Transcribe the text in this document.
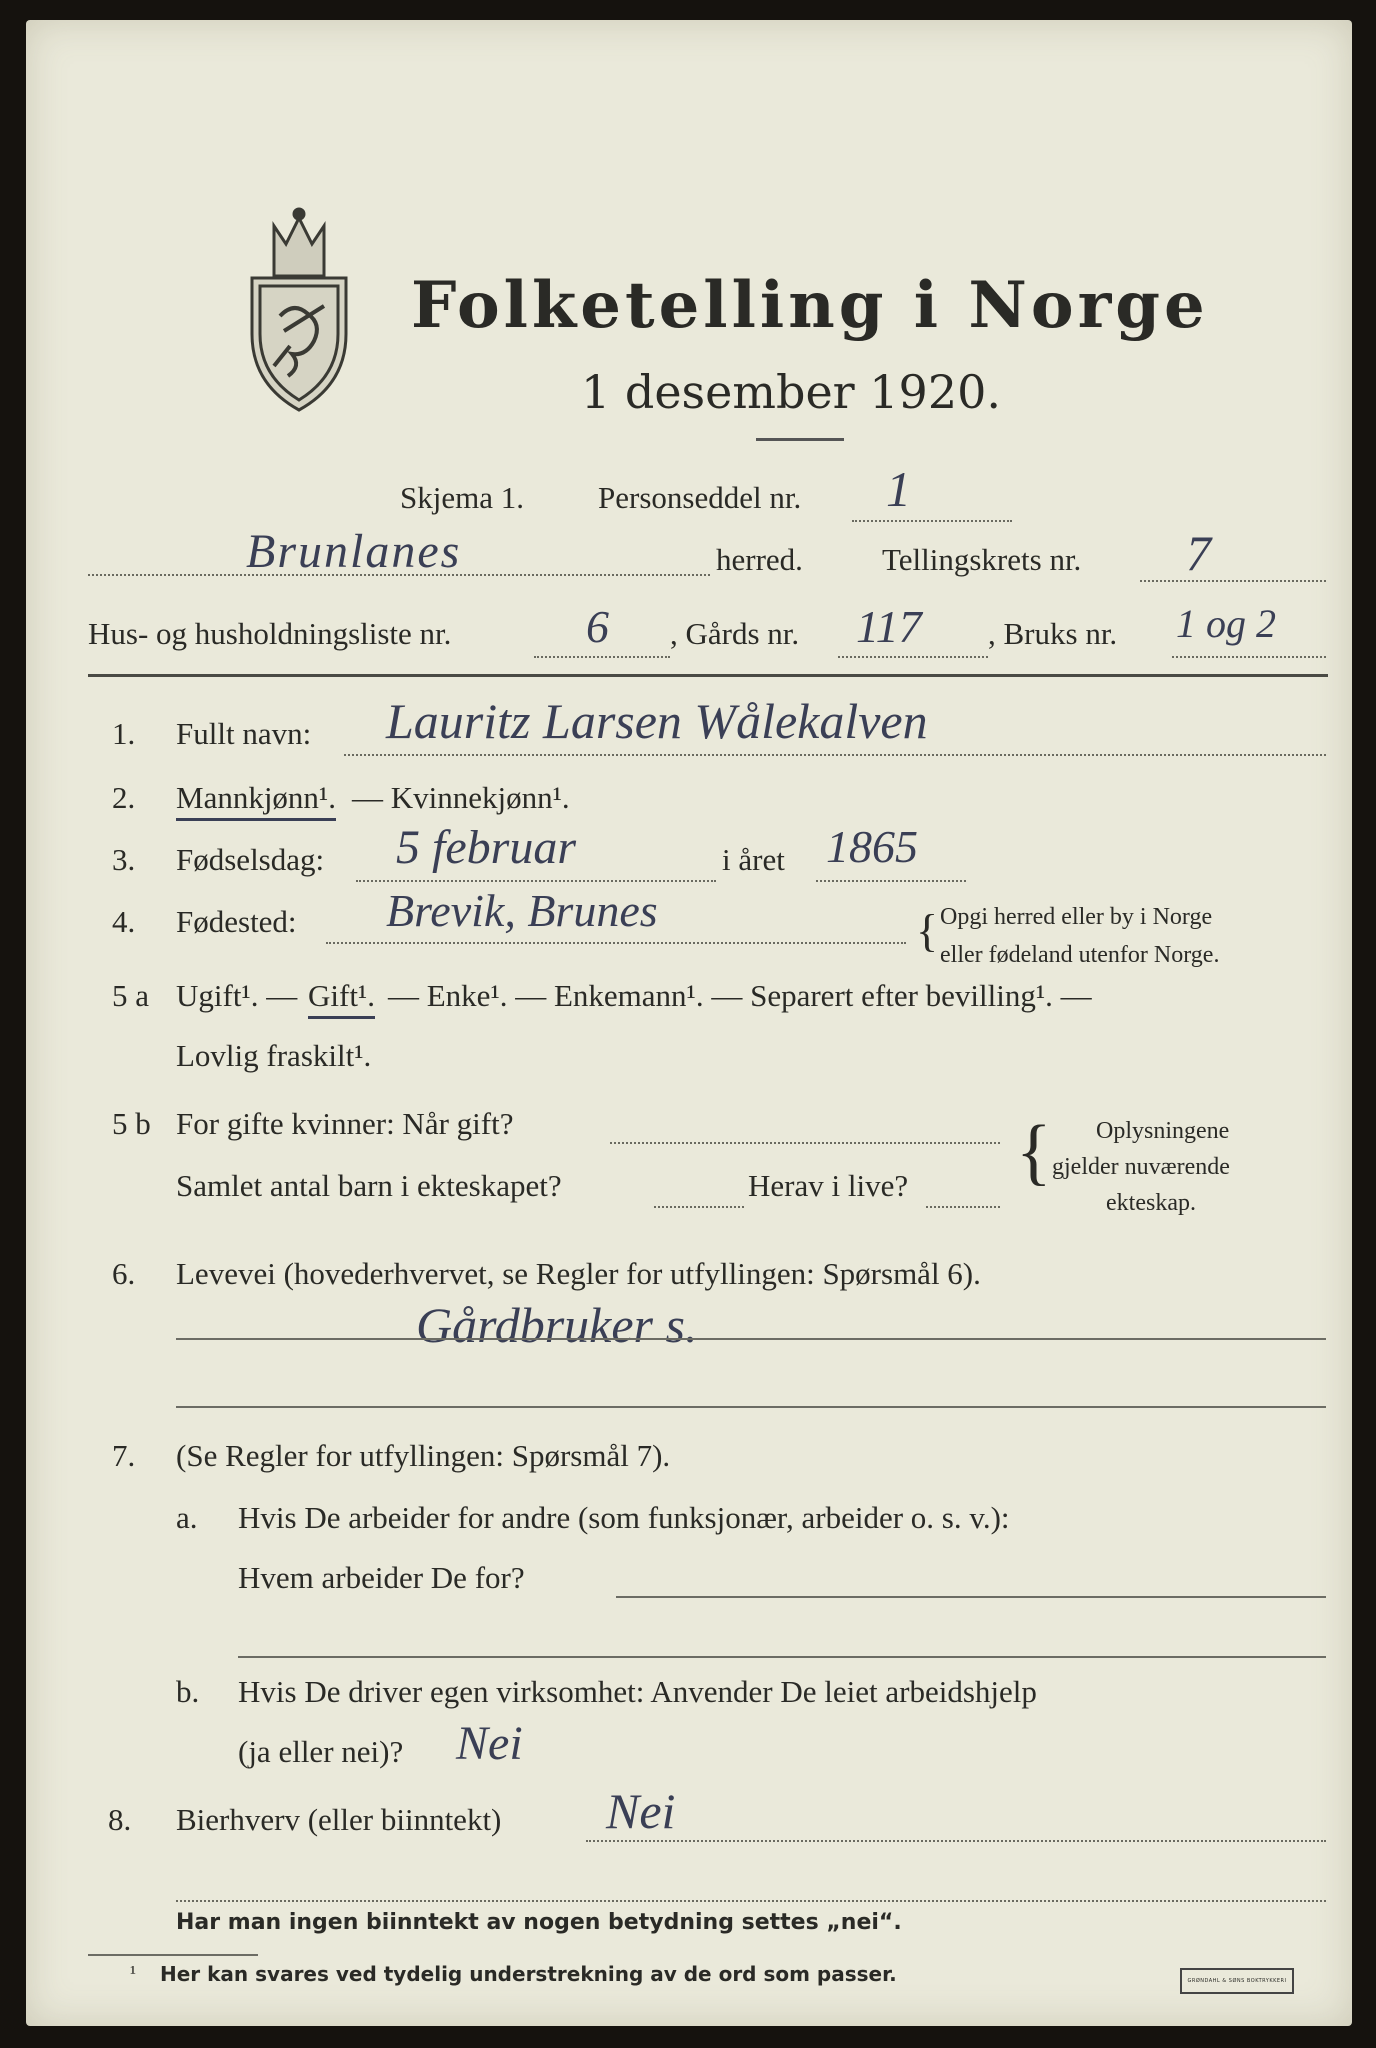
Folketelling i Norge
1 desember 1920.
Skjema 1. Personseddel nr. 1
Brunlanes	herred.	Tellingskrets nr. 7
Hus- og husholdningsliste nr.	6 , Gårds nr. 117 , Bruks nr. 1 og 2
1. Fullt navn: Lauritz Larsen Wålekalven
2. Mannkjønn¹. — Kvinnekjønn¹.
3. Fødselsdag: 5 februar	i året 1865
4. Fødested: Brevik, Brunes	{ Opgi herred eller by i Norge
eller fødeland utenfor Norge.
5 a Ugift¹. — Gift¹. — Enke¹. — Enkemann¹. — Separert efter bevilling¹. —
Lovlig fraskilt¹.
5 b For gifte kvinner: Når gift?
Samlet antal barn i ekteskapet?	Herav i live? { Oplysningene
gjelder nuværende
ekteskap.
6. Levevei (hovederhvervet, se Regler for utfyllingen: Spørsmål 6).
Gårdbruker s.
7. (Se Regler for utfyllingen: Spørsmål 7).
a. Hvis De arbeider for andre (som funksjonær, arbeider o. s. v.):
Hvem arbeider De for?
b. Hvis De driver egen virksomhet: Anvender De leiet arbeidshjelp
(ja eller nei)? Nei
8. Bierhverv (eller biinntekt) Nei
Har man ingen biinntekt av nogen betydning settes „nei“.
¹ Her kan svares ved tydelig understrekning av de ord som passer.	GRØNDAHL & SØNS BOKTRYKKERI
